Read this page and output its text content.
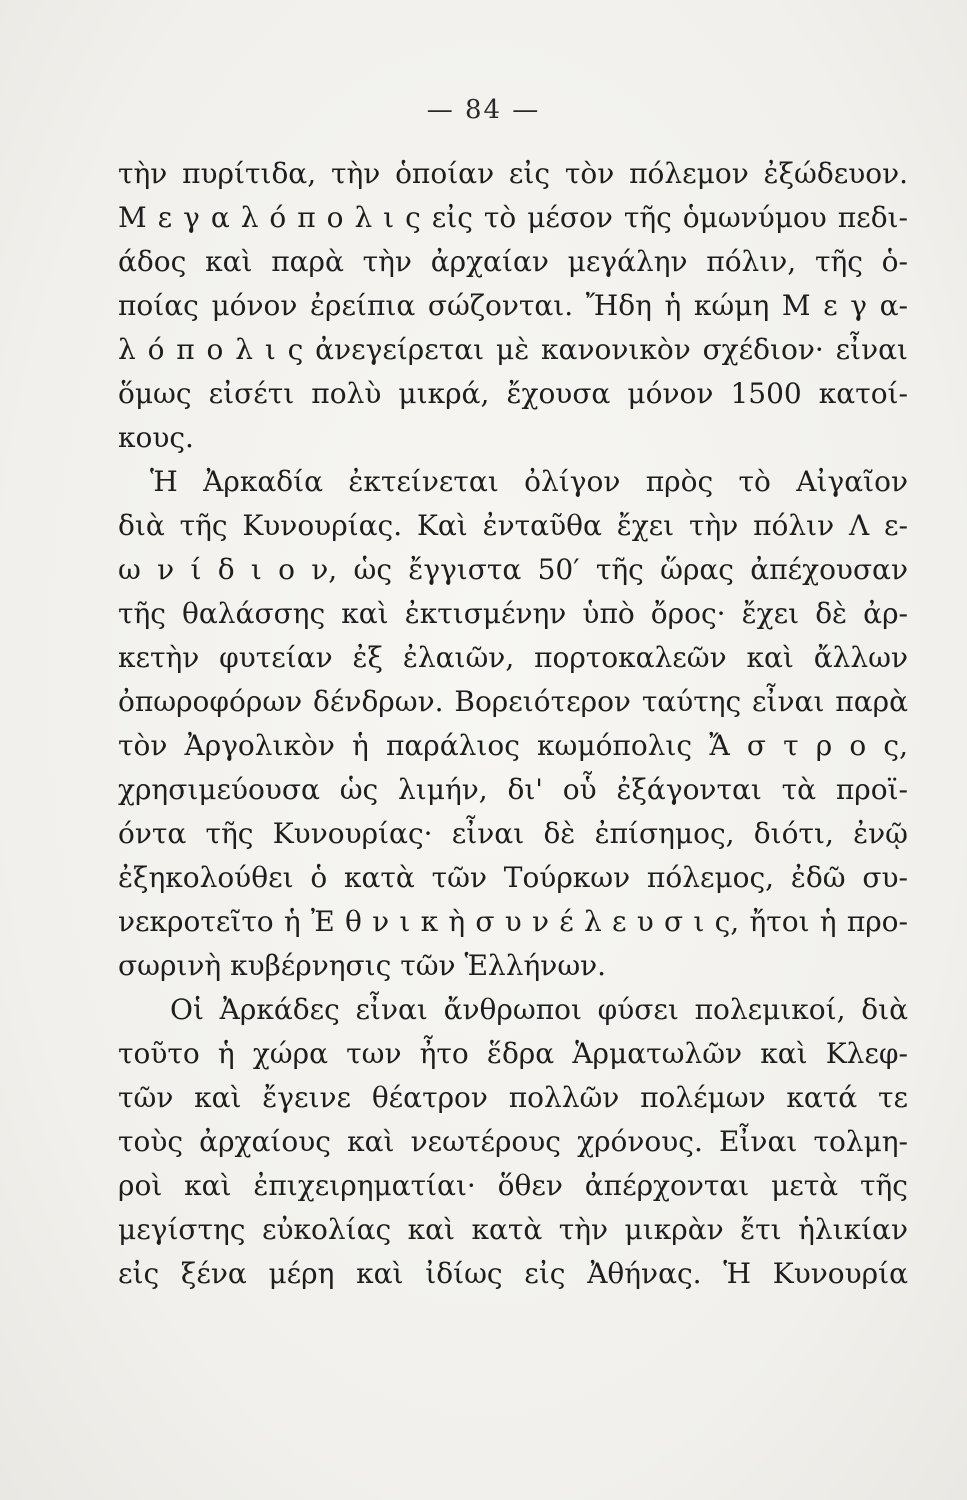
— 84 —
τὴν πυρίτιδα, τὴν ὁποίαν εἰς τὸν πόλεμον ἐξώδευον.
Μ ε γ α λ ό π ο λ ι ς εἰς τὸ μέσον τῆς ὁμωνύμου πεδι-
άδος καὶ παρὰ τὴν ἀρχαίαν μεγάλην πόλιν, τῆς ὁ-
ποίας μόνον ἐρείπια σώζονται. Ἤδη ἡ κώμη Μ ε γ α-
λ ό π ο λ ι ς ἀνεγείρεται μὲ κανονικὸν σχέδιον· εἶναι
ὅμως εἰσέτι πολὺ μικρά, ἔχουσα μόνον 1500 κατοί-
κους.
Ἡ Ἀρκαδία ἐκτείνεται ὀλίγον πρὸς τὸ Αἰγαῖον
διὰ τῆς Κυνουρίας. Καὶ ἐνταῦθα ἔχει τὴν πόλιν Λ ε-
ω ν ί δ ι ο ν, ὡς ἔγγιστα 50′ τῆς ὥρας ἀπέχουσαν
τῆς θαλάσσης καὶ ἐκτισμένην ὑπὸ ὄρος· ἔχει δὲ ἀρ-
κετὴν φυτείαν ἐξ ἐλαιῶν, πορτοκαλεῶν καὶ ἄλλων
ὀπωροφόρων δένδρων. Βορειότερον ταύτης εἶναι παρὰ
τὸν Ἀργολικὸν ἡ παράλιος κωμόπολις Ἄ σ τ ρ ο ς,
χρησιμεύουσα ὡς λιμήν, δι' οὗ ἐξάγονται τὰ προϊ-
όντα τῆς Κυνουρίας· εἶναι δὲ ἐπίσημος, διότι, ἐνῷ
ἐξηκολούθει ὁ κατὰ τῶν Τούρκων πόλεμος, ἐδῶ συ-
νεκροτεῖτο ἡ Ἐ θ ν ι κ ὴ σ υ ν έ λ ε υ σ ι ς, ἤτοι ἡ προ-
σωρινὴ κυβέρνησις τῶν Ἑλλήνων.
Οἱ Ἀρκάδες εἶναι ἄνθρωποι φύσει πολεμικοί, διὰ
τοῦτο ἡ χώρα των ἦτο ἕδρα Ἁρματωλῶν καὶ Κλεφ-
τῶν καὶ ἔγεινε θέατρον πολλῶν πολέμων κατά τε
τοὺς ἀρχαίους καὶ νεωτέρους χρόνους. Εἶναι τολμη-
ροὶ καὶ ἐπιχειρηματίαι· ὅθεν ἀπέρχονται μετὰ τῆς
μεγίστης εὐκολίας καὶ κατὰ τὴν μικρὰν ἔτι ἡλικίαν
εἰς ξένα μέρη καὶ ἰδίως εἰς Ἀθήνας. Ἡ Κυνουρία
